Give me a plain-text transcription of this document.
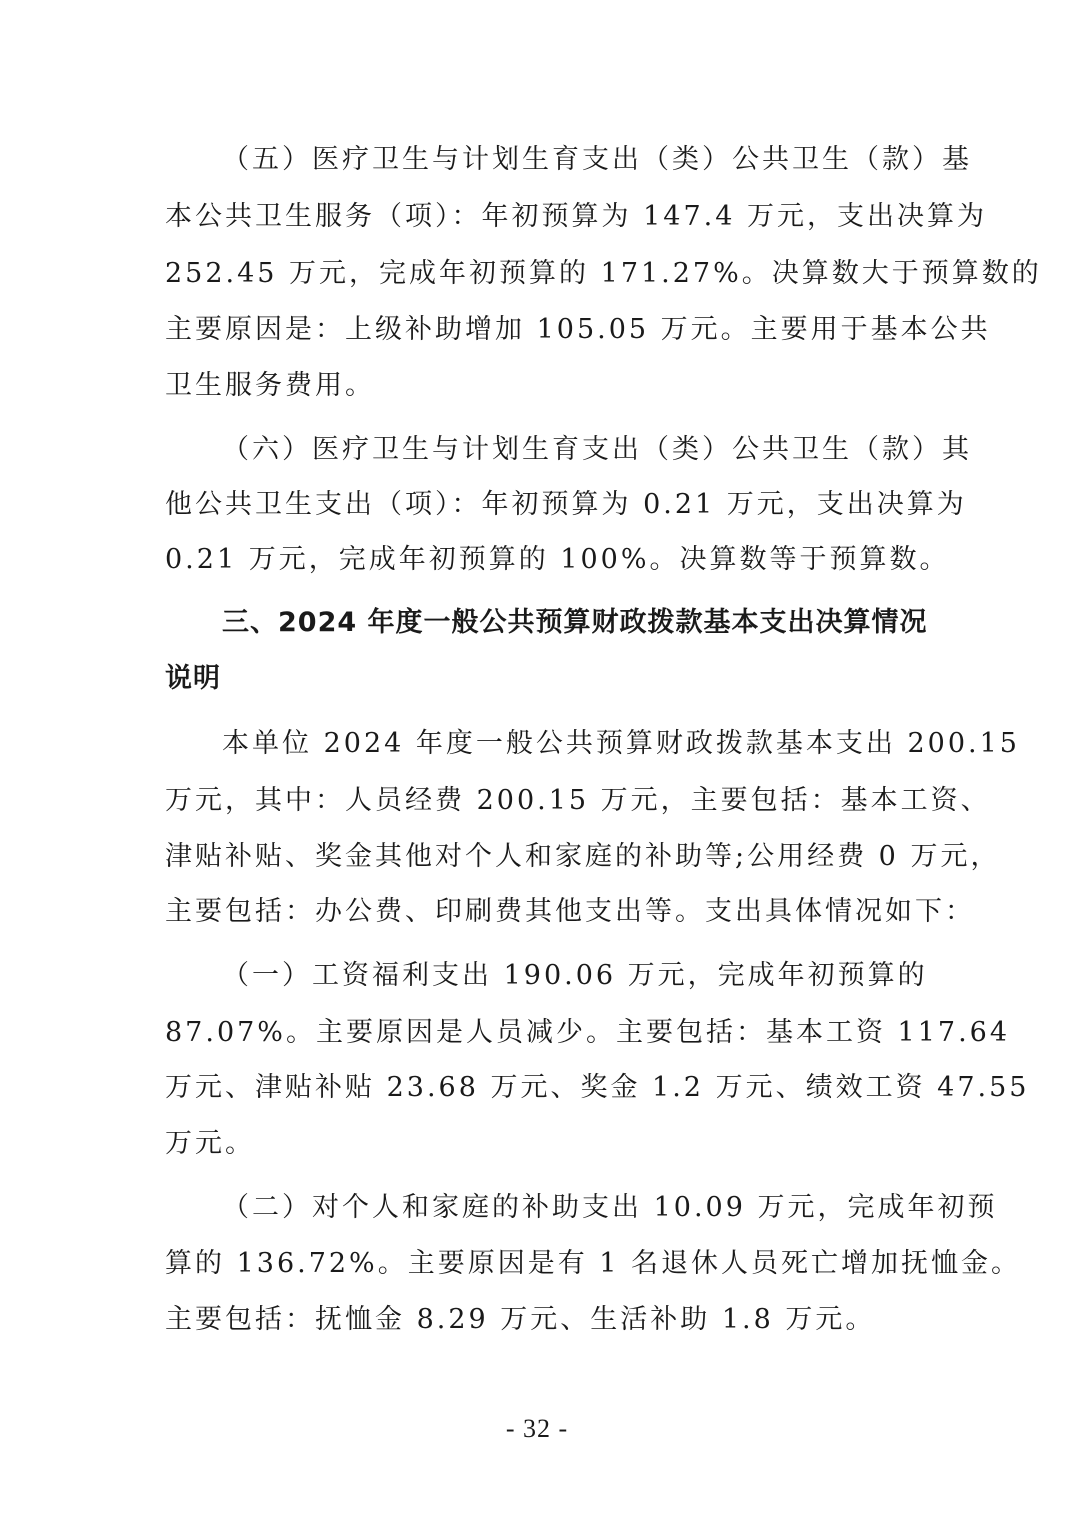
（五）医疗卫生与计划生育支出（类）公共卫生（款）基
本公共卫生服务（项）：年初预算为 147.4 万元，支出决算为
252.45 万元，完成年初预算的 171.27%。决算数大于预算数的
主要原因是：上级补助增加 105.05 万元。主要用于基本公共
卫生服务费用。
（六）医疗卫生与计划生育支出（类）公共卫生（款）其
他公共卫生支出（项）：年初预算为 0.21 万元，支出决算为
0.21 万元，完成年初预算的 100%。决算数等于预算数。
三、2024 年度一般公共预算财政拨款基本支出决算情况
说明
本单位 2024 年度一般公共预算财政拨款基本支出 200.15
万元，其中：人员经费 200.15 万元，主要包括：基本工资、
津贴补贴、奖金其他对个人和家庭的补助等;公用经费 0 万元，
主要包括：办公费、印刷费其他支出等。支出具体情况如下：
（一）工资福利支出 190.06 万元，完成年初预算的
87.07%。主要原因是人员减少。主要包括：基本工资 117.64
万元、津贴补贴 23.68 万元、奖金 1.2 万元、绩效工资 47.55
万元。
（二）对个人和家庭的补助支出 10.09 万元，完成年初预
算的 136.72%。主要原因是有 1 名退休人员死亡增加抚恤金。
主要包括：抚恤金 8.29 万元、生活补助 1.8 万元。
- 32 -
